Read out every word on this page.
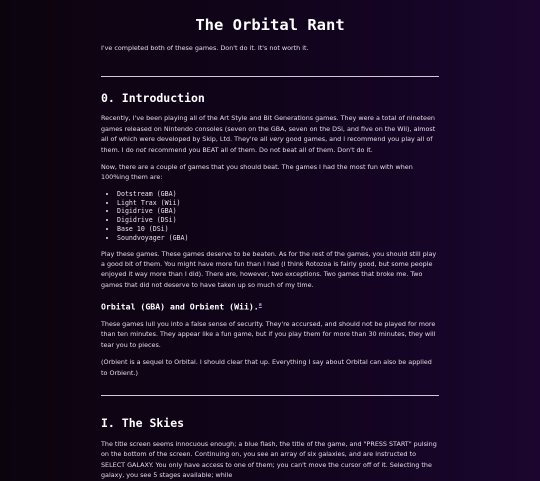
The Orbital Rant

I've completed both of these games. Don't do it. It's not worth it.

0. Introduction

Recently, I've been playing all of the Art Style and Bit Generations games. They were a total of nineteen games released on Nintendo consoles (seven on the GBA, seven on the DSi, and five on the Wii), almost all of which were developed by Skip, Ltd. They're all very good games, and I recommend you play all of them. I do not recommend you BEAT all of them. Do not beat all of them. Don't do it.

Now, there are a couple of games that you should beat. The games I had the most fun with when 100%ing them are:

• Dotstream (GBA)
• Light Trax (Wii)
• Digidrive (GBA)
• Digidrive (DSi)
• Base 10 (DSi)
• Soundvoyager (GBA)

Play these games. These games deserve to be beaten. As for the rest of the games, you should still play a good bit of them. You might have more fun than I had (I think Rotozoa is fairly good, but some people enjoyed it way more than I did). There are, however, two exceptions. Two games that broke me. Two games that did not deserve to have taken up so much of my time.

Orbital (GBA) and Orbient (Wii).$^a$

These games lull you into a false sense of security. They're accursed, and should not be played for more than ten minutes. They appear like a fun game, but if you play them for more than 30 minutes, they will tear you to pieces.

(Orbient is a sequel to Orbital. I should clear that up. Everything I say about Orbital can also be applied to Orbient.)

I. The Skies

The title screen seems innocuous enough; a blue flash, the title of the game, and "PRESS START" pulsing on the bottom of the screen. Continuing on, you see an array of six galaxies, and are instructed to SELECT GALAXY. You only have access to one of them; you can't move the cursor off of it. Selecting the galaxy, you see 5 stages available; while
